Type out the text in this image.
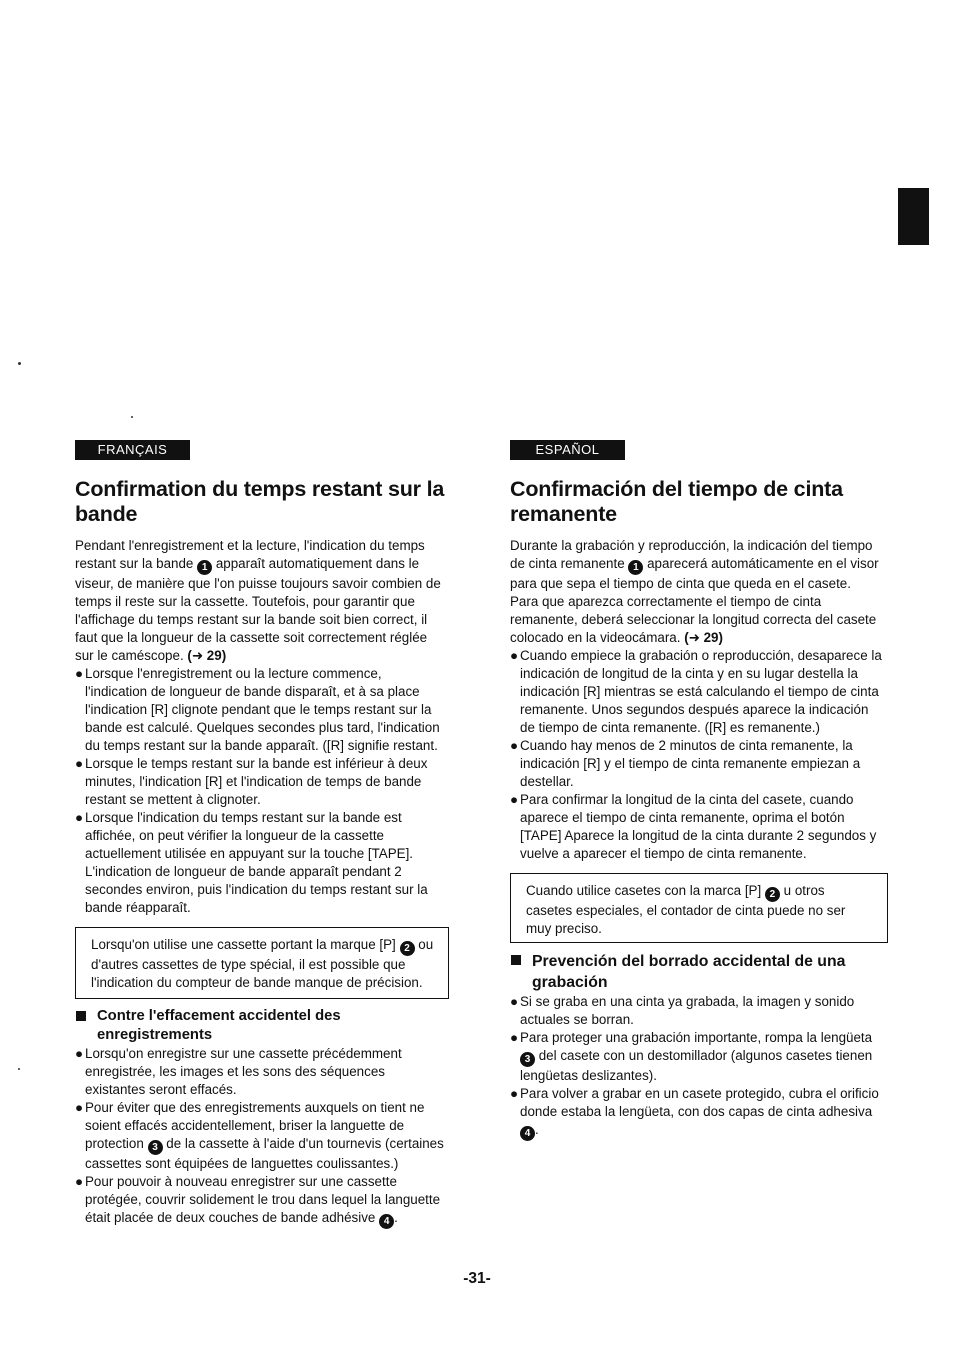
FRANÇAIS
Confirmation du temps restant sur la bande

Pendant l'enregistrement et la lecture, l'indication du temps restant sur la bande 1 apparaît automatiquement dans le viseur, de manière que l'on puisse toujours savoir combien de temps il reste sur la cassette. Toutefois, pour garantir que l'affichage du temps restant sur la bande soit bien correct, il faut que la longueur de la cassette soit correctement réglée sur le caméscope. (➜ 29)

● Lorsque l'enregistrement ou la lecture commence, l'indication de longueur de bande disparaît, et à sa place l'indication [R] clignote pendant que le temps restant sur la bande est calculé. Quelques secondes plus tard, l'indication du temps restant sur la bande apparaît. ([R] signifie restant.
● Lorsque le temps restant sur la bande est inférieur à deux minutes, l'indication [R] et l'indication de temps de bande restant se mettent à clignoter.
● Lorsque l'indication du temps restant sur la bande est affichée, on peut vérifier la longueur de la cassette actuellement utilisée en appuyant sur la touche [TAPE]. L'indication de longueur de bande apparaît pendant 2 secondes environ, puis l'indication du temps restant sur la bande réapparaît.
Lorsqu'on utilise une cassette portant la marque [P] 2 ou d'autres cassettes de type spécial, il est possible que l'indication du compteur de bande manque de précision.
Contre l'effacement accidentel des enregistrements
● Lorsqu'on enregistre sur une cassette précédemment enregistrée, les images et les sons des séquences existantes seront effacés.
● Pour éviter que des enregistrements auxquels on tient ne soient effacés accidentellement, briser la languette de protection 3 de la cassette à l'aide d'un tournevis (certaines cassettes sont équipées de languettes coulissantes.)
● Pour pouvoir à nouveau enregistrer sur une cassette protégée, couvrir solidement le trou dans lequel la languette était placée de deux couches de bande adhésive 4 .
ESPAÑOL
Confirmación del tiempo de cinta remanente

Durante la grabación y reproducción, la indicación del tiempo de cinta remanente 1 aparecerá automáticamente en el visor para que sepa el tiempo de cinta que queda en el casete. Para que aparezca correctamente el tiempo de cinta remanente, deberá seleccionar la longitud correcta del casete colocado en la videocámara. (➜ 29)

● Cuando empiece la grabación o reproducción, desaparece la indicación de longitud de la cinta y en su lugar destella la indicación [R] mientras se está calculando el tiempo de cinta remanente. Unos segundos después aparece la indicación de tiempo de cinta remanente. ([R] es remanente.)
● Cuando hay menos de 2 minutos de cinta remanente, la indicación [R] y el tiempo de cinta remanente empiezan a destellar.
● Para confirmar la longitud de la cinta del casete, cuando aparece el tiempo de cinta remanente, oprima el botón [TAPE] Aparece la longitud de la cinta durante 2 segundos y vuelve a aparecer el tiempo de cinta remanente.
Cuando utilice casetes con la marca [P] 2 u otros casetes especiales, el contador de cinta puede no ser muy preciso.
Prevención del borrado accidental de una grabación
● Si se graba en una cinta ya grabada, la imagen y sonido actuales se borran.
● Para proteger una grabación importante, rompa la lengüeta 3 del casete con un destomillador (algunos casetes tienen lengüetas deslizantes).
● Para volver a grabar en un casete protegido, cubra el orificio donde estaba la lengüeta, con dos capas de cinta adhesiva 4 .
-31-
